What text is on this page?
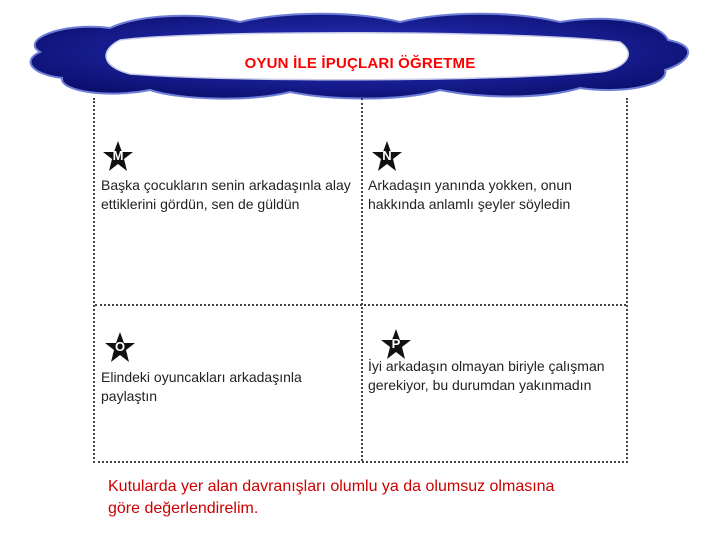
OYUN İLE İPUÇLARI ÖĞRETME
M
Başka çocukların senin arkadaşınla alay ettiklerini gördün, sen de güldün
N
Arkadaşın yanında yokken, onun hakkında anlamlı şeyler söyledin
O
Elindeki oyuncakları arkadaşınla paylaştın
P
İyi arkadaşın olmayan biriyle çalışman gerekiyor, bu durumdan yakınmadın
Kutularda yer alan davranışları olumlu ya da olumsuz olmasına göre değerlendirelim.
